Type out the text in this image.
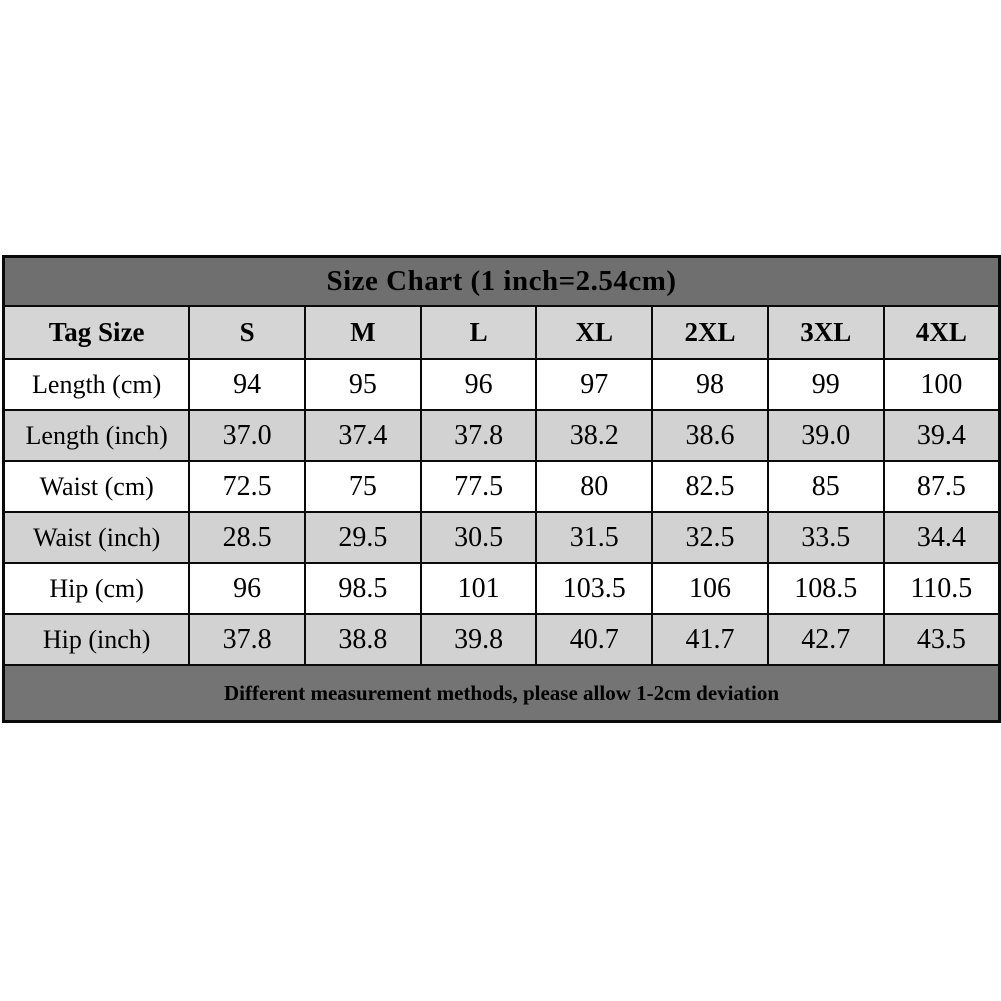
Size Chart (1 inch=2.54cm)							
Tag Size	S	M	L	XL	2XL	3XL	4XL
Length (cm)	94	95	96	97	98	99	100
Length (inch)	37.0	37.4	37.8	38.2	38.6	39.0	39.4
Waist (cm)	72.5	75	77.5	80	82.5	85	87.5
Waist (inch)	28.5	29.5	30.5	31.5	32.5	33.5	34.4
Hip (cm)	96	98.5	101	103.5	106	108.5	110.5
Hip (inch)	37.8	38.8	39.8	40.7	41.7	42.7	43.5
Different measurement methods, please allow 1-2cm deviation							
